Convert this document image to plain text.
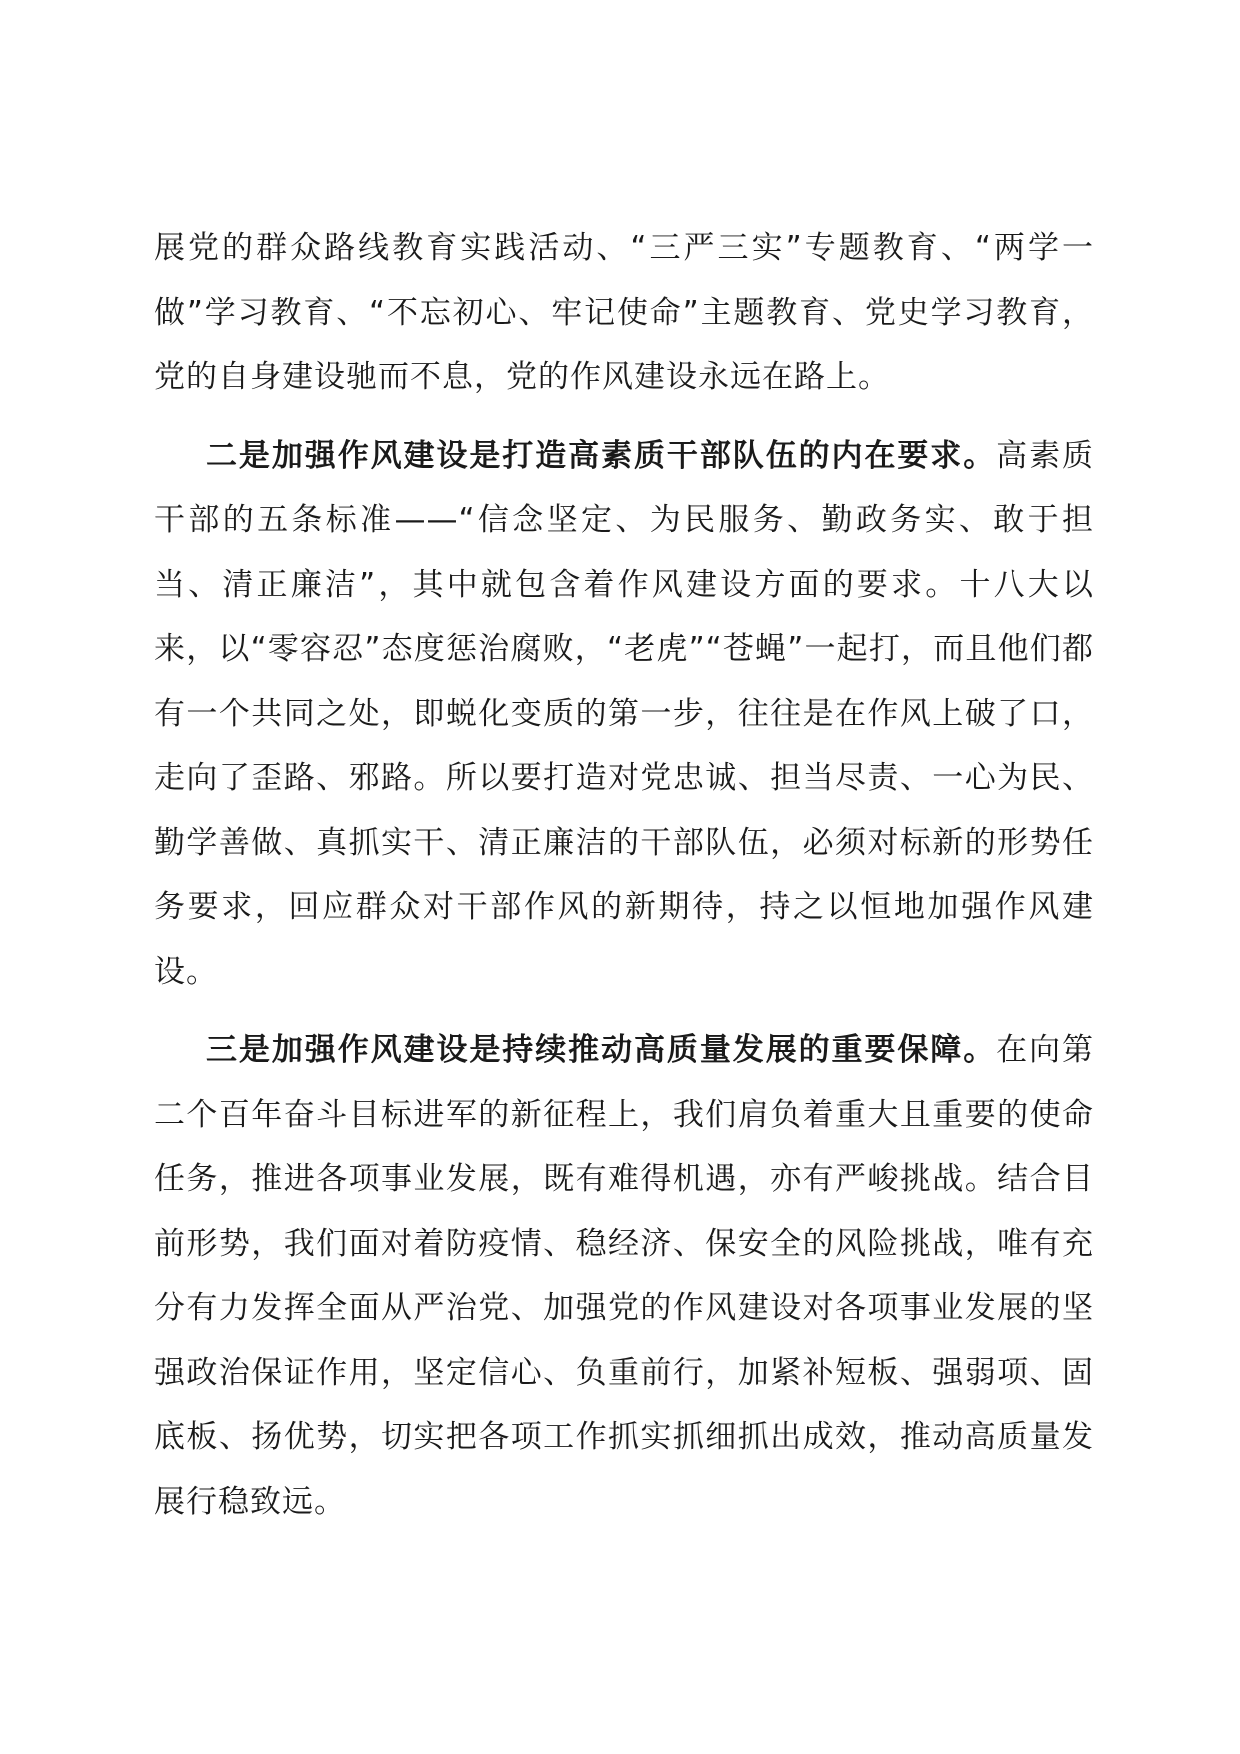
展党的群众路线教育实践活动、“三严三实”专题教育、“两学一做”学习教育、“不忘初心、牢记使命”主题教育、党史学习教育，党的自身建设驰而不息，党的作风建设永远在路上。

二是加强作风建设是打造高素质干部队伍的内在要求。高素质干部的五条标准——“信念坚定、为民服务、勤政务实、敢于担当、清正廉洁”，其中就包含着作风建设方面的要求。十八大以来，以“零容忍”态度惩治腐败，“老虎”“苍蝇”一起打，而且他们都有一个共同之处，即蜕化变质的第一步，往往是在作风上破了口，走向了歪路、邪路。所以要打造对党忠诚、担当尽责、一心为民、勤学善做、真抓实干、清正廉洁的干部队伍，必须对标新的形势任务要求，回应群众对干部作风的新期待，持之以恒地加强作风建设。

三是加强作风建设是持续推动高质量发展的重要保障。在向第二个百年奋斗目标进军的新征程上，我们肩负着重大且重要的使命任务，推进各项事业发展，既有难得机遇，亦有严峻挑战。结合目前形势，我们面对着防疫情、稳经济、保安全的风险挑战，唯有充分有力发挥全面从严治党、加强党的作风建设对各项事业发展的坚强政治保证作用，坚定信心、负重前行，加紧补短板、强弱项、固底板、扬优势，切实把各项工作抓实抓细抓出成效，推动高质量发展行稳致远。
